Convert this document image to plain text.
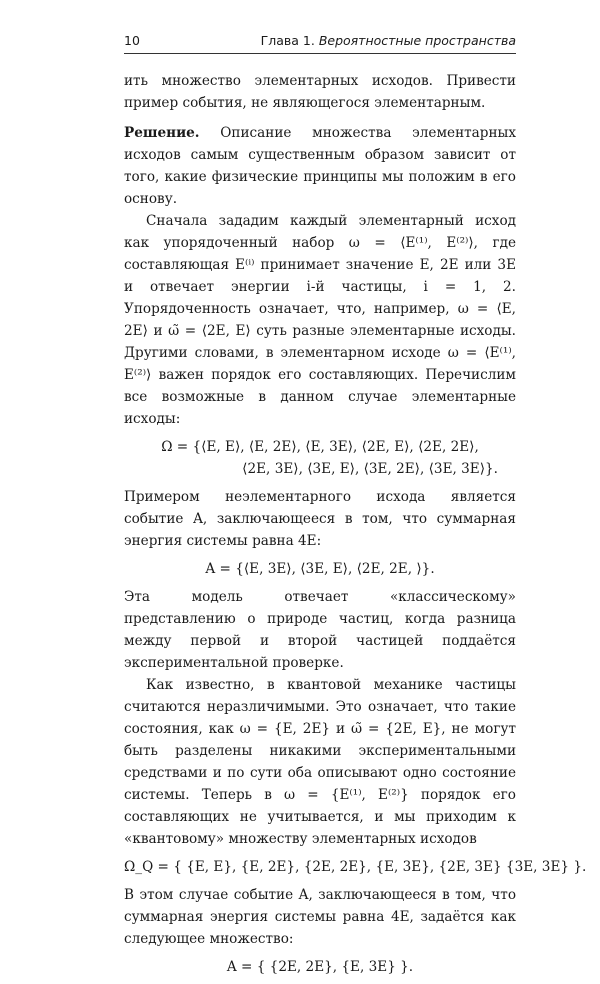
10	Глава 1. Вероятностные пространства

ить множество элементарных исходов. Привести пример события, не являющегося элементарным.

Решение. Описание множества элементарных исходов самым существенным образом зависит от того, какие физические принципы мы положим в его основу.

Сначала зададим каждый элементарный исход как упорядоченный набор ω = ⟨E⁽¹⁾, E⁽²⁾⟩, где составляющая E⁽ⁱ⁾ принимает значение E, 2E или 3E и отвечает энергии i-й частицы, i = 1, 2. Упорядоченность означает, что, например, ω = ⟨E, 2E⟩ и ω̃ = ⟨2E, E⟩ суть разные элементарные исходы. Другими словами, в элементарном исходе ω = ⟨E⁽¹⁾, E⁽²⁾⟩ важен порядок его составляющих. Перечислим все возможные в данном случае элементарные исходы:

Ω = {⟨E, E⟩, ⟨E, 2E⟩, ⟨E, 3E⟩, ⟨2E, E⟩, ⟨2E, 2E⟩,

⟨2E, 3E⟩, ⟨3E, E⟩, ⟨3E, 2E⟩, ⟨3E, 3E⟩}.

Примером неэлементарного исхода является событие A, заключающееся в том, что суммарная энергия системы равна 4E:

A = {⟨E, 3E⟩, ⟨3E, E⟩, ⟨2E, 2E, ⟩}.

Эта модель отвечает «классическому» представлению о природе частиц, когда разница между первой и второй частицей поддаётся экспериментальной проверке.

Как известно, в квантовой механике частицы считаются неразличимыми. Это означает, что такие состояния, как ω = {E, 2E} и ω̃ = {2E, E}, не могут быть разделены никакими экспериментальными средствами и по сути оба описывают одно состояние системы. Теперь в ω = {E⁽¹⁾, E⁽²⁾} порядок его составляющих не учитывается, и мы приходим к «квантовому» множеству элементарных исходов

Ω_Q = { {E, E}, {E, 2E}, {2E, 2E}, {E, 3E}, {2E, 3E} {3E, 3E} }.

В этом случае событие A, заключающееся в том, что суммарная энергия системы равна 4E, задаётся как следующее множество:

A = { {2E, 2E}, {E, 3E} }.
